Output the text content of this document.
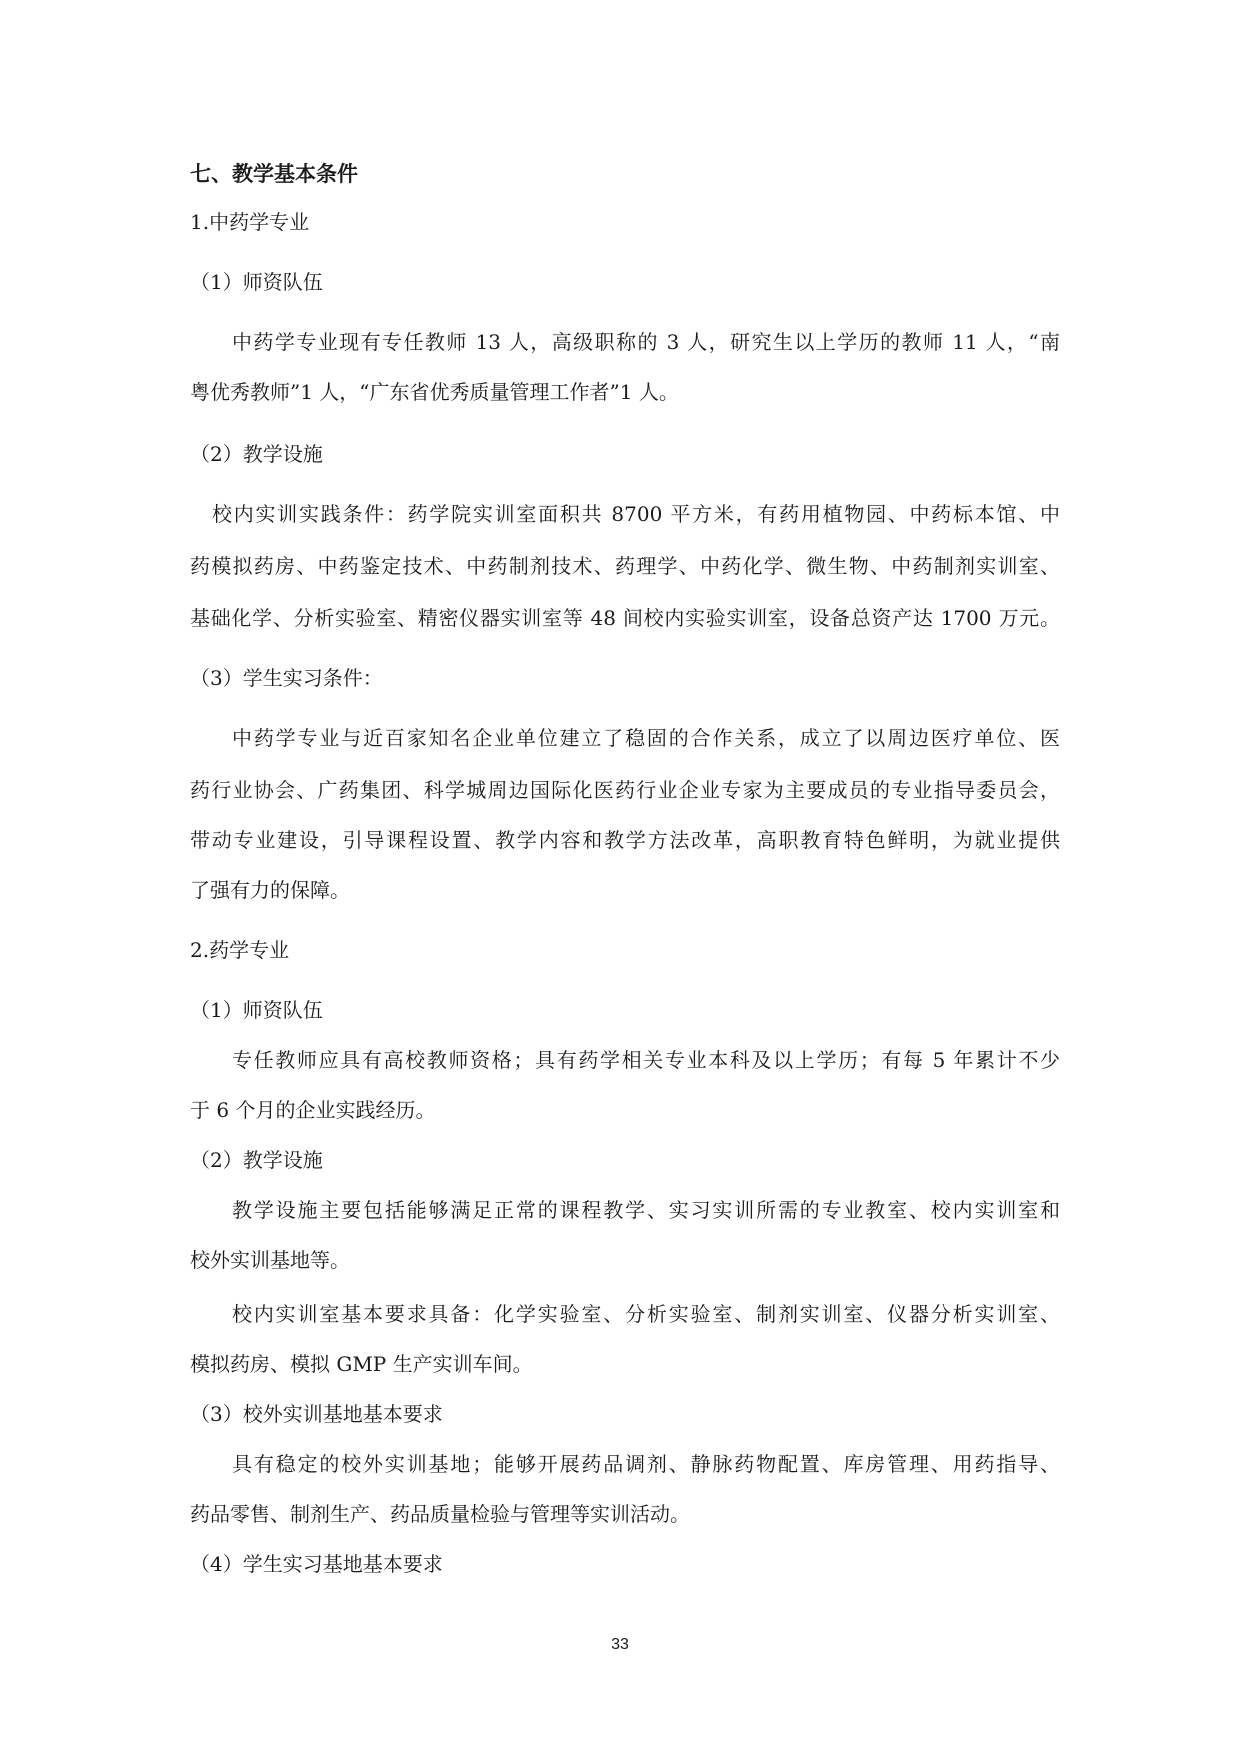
七、教学基本条件
1.中药学专业
（1）师资队伍
中药学专业现有专任教师 13 人，高级职称的 3 人，研究生以上学历的教师 11 人，“南
粤优秀教师”1 人，“广东省优秀质量管理工作者”1 人。
（2）教学设施
校内实训实践条件：药学院实训室面积共 8700 平方米，有药用植物园、中药标本馆、中
药模拟药房、中药鉴定技术、中药制剂技术、药理学、中药化学、微生物、中药制剂实训室、
基础化学、分析实验室、精密仪器实训室等 48 间校内实验实训室，设备总资产达 1700 万元。
（3）学生实习条件：
中药学专业与近百家知名企业单位建立了稳固的合作关系，成立了以周边医疗单位、医
药行业协会、广药集团、科学城周边国际化医药行业企业专家为主要成员的专业指导委员会，
带动专业建设，引导课程设置、教学内容和教学方法改革，高职教育特色鲜明，为就业提供
了强有力的保障。
2.药学专业
（1）师资队伍
专任教师应具有高校教师资格；具有药学相关专业本科及以上学历；有每 5 年累计不少
于 6 个月的企业实践经历。
（2）教学设施
教学设施主要包括能够满足正常的课程教学、实习实训所需的专业教室、校内实训室和
校外实训基地等。
校内实训室基本要求具备：化学实验室、分析实验室、制剂实训室、仪器分析实训室、
模拟药房、模拟 GMP 生产实训车间。
（3）校外实训基地基本要求
具有稳定的校外实训基地；能够开展药品调剂、静脉药物配置、库房管理、用药指导、
药品零售、制剂生产、药品质量检验与管理等实训活动。
（4）学生实习基地基本要求
33
